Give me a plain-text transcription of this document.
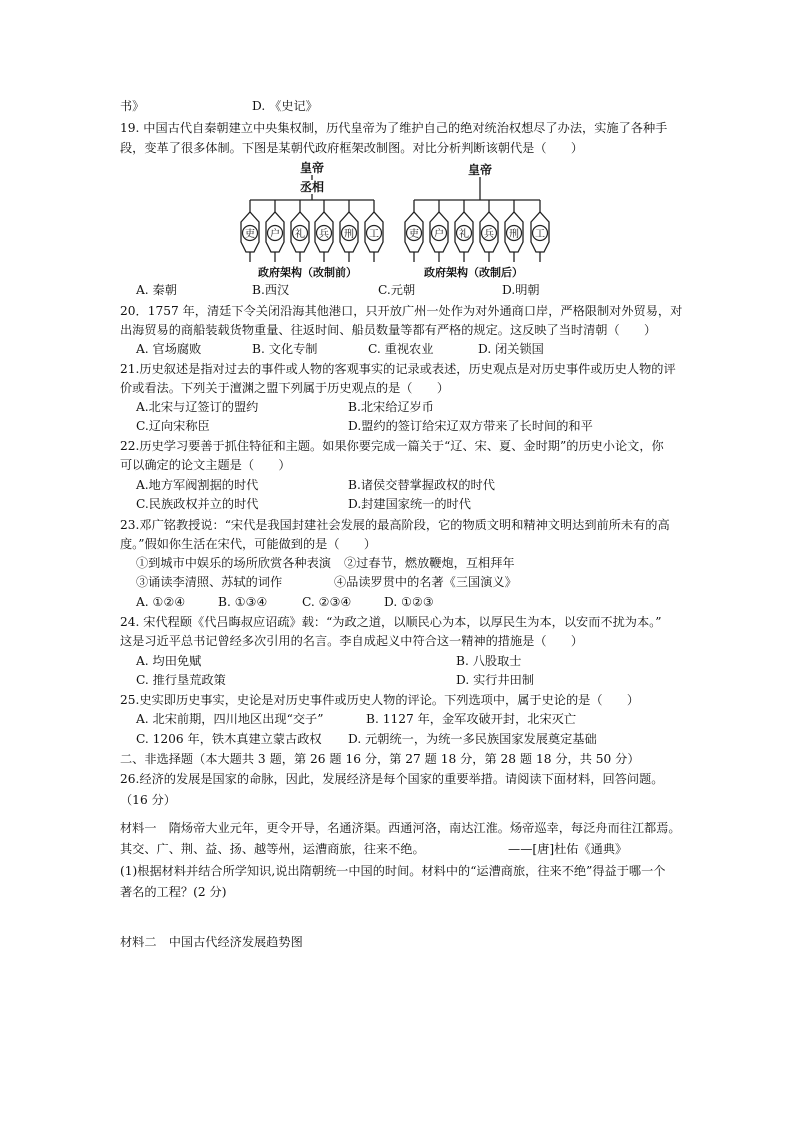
书》	D. 《史记》
19. 中国古代自秦朝建立中央集权制，历代皇帝为了维护自己的绝对统治权想尽了办法，实施了各种手
段，变革了很多体制。下图是某朝代政府框架改制图。对比分析判断该朝代是（　　）
皇帝
丞相
皇帝
吏 户 礼 兵 刑 工	吏 户 礼 兵 刑 工
政府架构（改制前）	政府架构（改制后）
A. 秦朝	B.西汉	C.元朝	D.明朝
20．1757 年，清廷下令关闭沿海其他港口，只开放广州一处作为对外通商口岸，严格限制对外贸易，对
出海贸易的商船装载货物重量、往返时间、船员数量等都有严格的规定。这反映了当时清朝（　　）
A. 官场腐败	B. 文化专制	C. 重视农业	D. 闭关锁国
21.历史叙述是指对过去的事件或人物的客观事实的记录或表述，历史观点是对历史事件或历史人物的评
价或看法。下列关于澶渊之盟下列属于历史观点的是（　　）
A.北宋与辽签订的盟约	B.北宋给辽岁币
C.辽向宋称臣	D.盟约的签订给宋辽双方带来了长时间的和平
22.历史学习要善于抓住特征和主题。如果你要完成一篇关于“辽、宋、夏、金时期”的历史小论文，你
可以确定的论文主题是（　　）
A.地方军阀割据的时代	B.诸侯交替掌握政权的时代
C.民族政权并立的时代	D.封建国家统一的时代
23.邓广铭教授说：“宋代是我国封建社会发展的最高阶段，它的物质文明和精神文明达到前所未有的高
度。”假如你生活在宋代，可能做到的是（　　）
①到城市中娱乐的场所欣赏各种表演 ②过春节，燃放鞭炮，互相拜年
③诵读李清照、苏轼的词作	④品读罗贯中的名著《三国演义》
A. ①②④	B. ①③④	C. ②③④	D. ①②③
24. 宋代程颐《代吕晦叔应诏疏》载：“为政之道，以顺民心为本，以厚民生为本，以安而不扰为本。”
这是习近平总书记曾经多次引用的名言。李自成起义中符合这一精神的措施是（　　）
A. 均田免赋	B. 八股取士
C. 推行垦荒政策	D. 实行井田制
25.史实即历史事实，史论是对历史事件或历史人物的评论。下列选项中，属于史论的是（　　）
A. 北宋前期，四川地区出现“交子”	B. 1127 年，金军攻破开封，北宋灭亡
C. 1206 年，铁木真建立蒙古政权 D. 元朝统一，为统一多民族国家发展奠定基础
二、非选择题（本大题共 3 题，第 26 题 16 分，第 27 题 18 分，第 28 题 18 分，共 50 分）
26.经济的发展是国家的命脉，因此，发展经济是每个国家的重要举措。请阅读下面材料，回答问题。
（16 分）
材料一　隋炀帝大业元年，更令开导，名通济渠。西通河洛，南达江淮。炀帝巡幸，每泛舟而往江都焉。
其交、广、荆、益、扬、越等州，运漕商旅，往来不绝。	——[唐]杜佑《通典》
(1)根据材料并结合所学知识,说出隋朝统一中国的时间。材料中的“运漕商旅，往来不绝”得益于哪一个
著名的工程？(2 分)
材料二　中国古代经济发展趋势图
